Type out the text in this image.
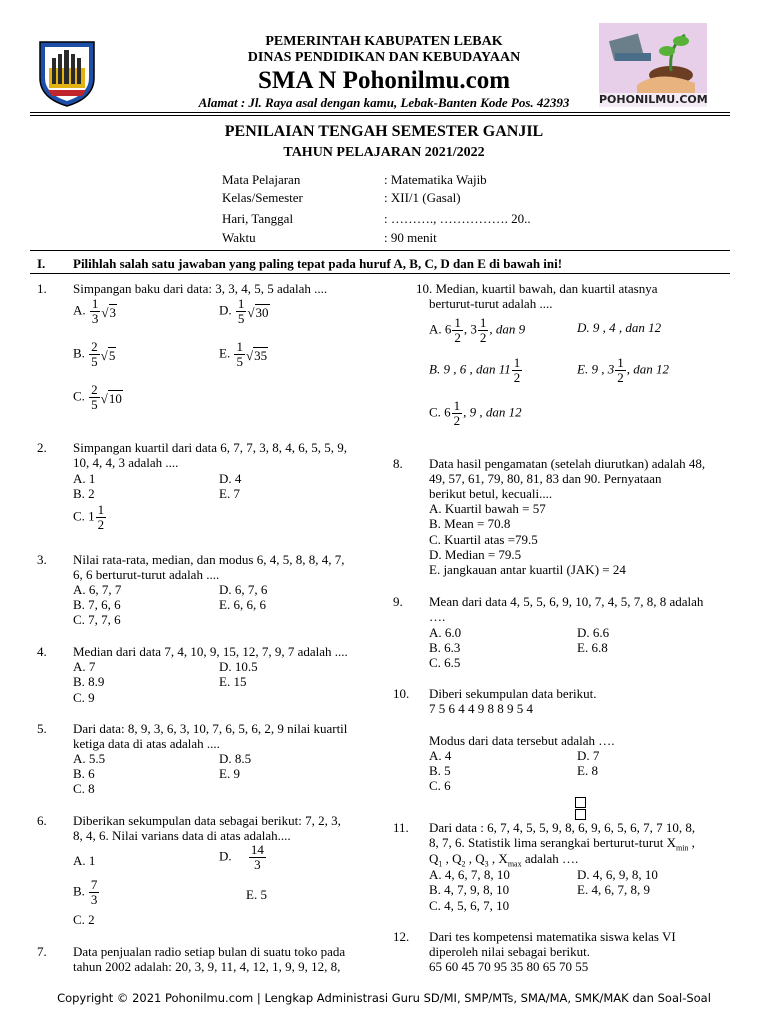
PEMERINTAH KABUPATEN LEBAK
DINAS PENDIDIKAN DAN KEBUDAYAAN
SMA N Pohonilmu.com
Alamat : Jl. Raya asal dengan kamu, Lebak-Banten Kode Pos. 42393	POHONILMU.COM
PENILAIAN TENGAH SEMESTER GANJIL
TAHUN PELAJARAN 2021/2022
Mata Pelajaran	: Matematika Wajib
Kelas/Semester	: XII/1 (Gasal)
Hari, Tanggal	: ………., ……………. 20..
Waktu	: 90 menit
I. Pilihlah salah satu jawaban yang paling tepat pada huruf A, B, C, D dan E di bawah ini!
1. Simpangan baku dari data: 3, 3, 4, 5, 5 adalah ....
A. $\frac{1}{3} √3$	D. $\frac{1}{5} √30$
B. $\frac{2}{5} √5$	E. $\frac{1}{5} √35$
C. $\frac{2}{5} √10$
2. Simpangan kuartil dari data 6, 7, 7, 3, 8, 4, 6, 5, 5, 9,
10, 4, 4, 3 adalah ....
A. 1	D. 4
B. 2	E. 7
C. $1 \frac{1}{2}$
3. Nilai rata-rata, median, dan modus 6, 4, 5, 8, 8, 4, 7,
6, 6 berturut-turut adalah ....
A. 6, 7, 7	D. 6, 7, 6
B. 7, 6, 6	E. 6, 6, 6
C. 7, 7, 6
4. Median dari data 7, 4, 10, 9, 15, 12, 7, 9, 7 adalah ....
A. 7	D. 10.5
B. 8.9	E. 15
C. 9
5. Dari data: 8, 9, 3, 6, 3, 10, 7, 6, 5, 6, 2, 9 nilai kuartil
ketiga data di atas adalah ....
A. 5.5	D. 8.5
B. 6	E. 9
C. 8
6. Diberikan sekumpulan data sebagai berikut: 7, 2, 3,
8, 4, 6. Nilai varians data di atas adalah....
A. 1	D. $\frac{14}{3}$
B. $\frac{7}{3}$	E. 5
C. 2
7. Data penjualan radio setiap bulan di suatu toko pada
tahun 2002 adalah: 20, 3, 9, 11, 4, 12, 1, 9, 9, 12, 8,
10. Median, kuartil bawah, dan kuartil atasnya
berturut-turut adalah ....
A. $6 \frac{1}{2}$ , $3 \frac{1}{2}$ , dan 9	D. 9 , 4 , dan 12
B. 9 , 6 , dan $11 \frac{1}{2}$	E. 9 , $3 \frac{1}{2}$ , dan 12
C. $6 \frac{1}{2}$ , 9 , dan 12
8. Data hasil pengamatan (setelah diurutkan) adalah 48,
49, 57, 61, 79, 80, 81, 83 dan 90. Pernyataan
berikut betul, kecuali....
A. Kuartil bawah = 57
B. Mean = 70.8
C. Kuartil atas =79.5
D. Median = 79.5
E. jangkauan antar kuartil (JAK) = 24
9. Mean dari data 4, 5, 5, 6, 9, 10, 7, 4, 5, 7, 8, 8 adalah
….
A. 6.0	D. 6.6
B. 6.3	E. 6.8
C. 6.5
10. Diberi sekumpulan data berikut.
7 5 6 4 4 9 8 8 9 5 4
Modus dari data tersebut adalah ….
A. 4	D. 7
B. 5	E. 8
C. 6
11. Dari data : 6, 7, 4, 5, 5, 9, 8, 6, 9, 6, 5, 6, 7, 7 10, 8,
8, 7, 6. Statistik lima serangkai berturut-turut $X_{min}$ ,
$Q_1$ , $Q_2$ , $Q_3$ , $X_{max}$ adalah ….
A. 4, 6, 7, 8, 10	D. 4, 6, 9, 8, 10
B. 4, 7, 9, 8, 10	E. 4, 6, 7, 8, 9
C. 4, 5, 6, 7, 10
12. Dari tes kompetensi matematika siswa kelas VI
diperoleh nilai sebagai berikut.
65 60 45 70 95 35 80 65 70 55
Copyright © 2021 Pohonilmu.com | Lengkap Administrasi Guru SD/MI, SMP/MTs, SMA/MA, SMK/MAK dan Soal-Soal
